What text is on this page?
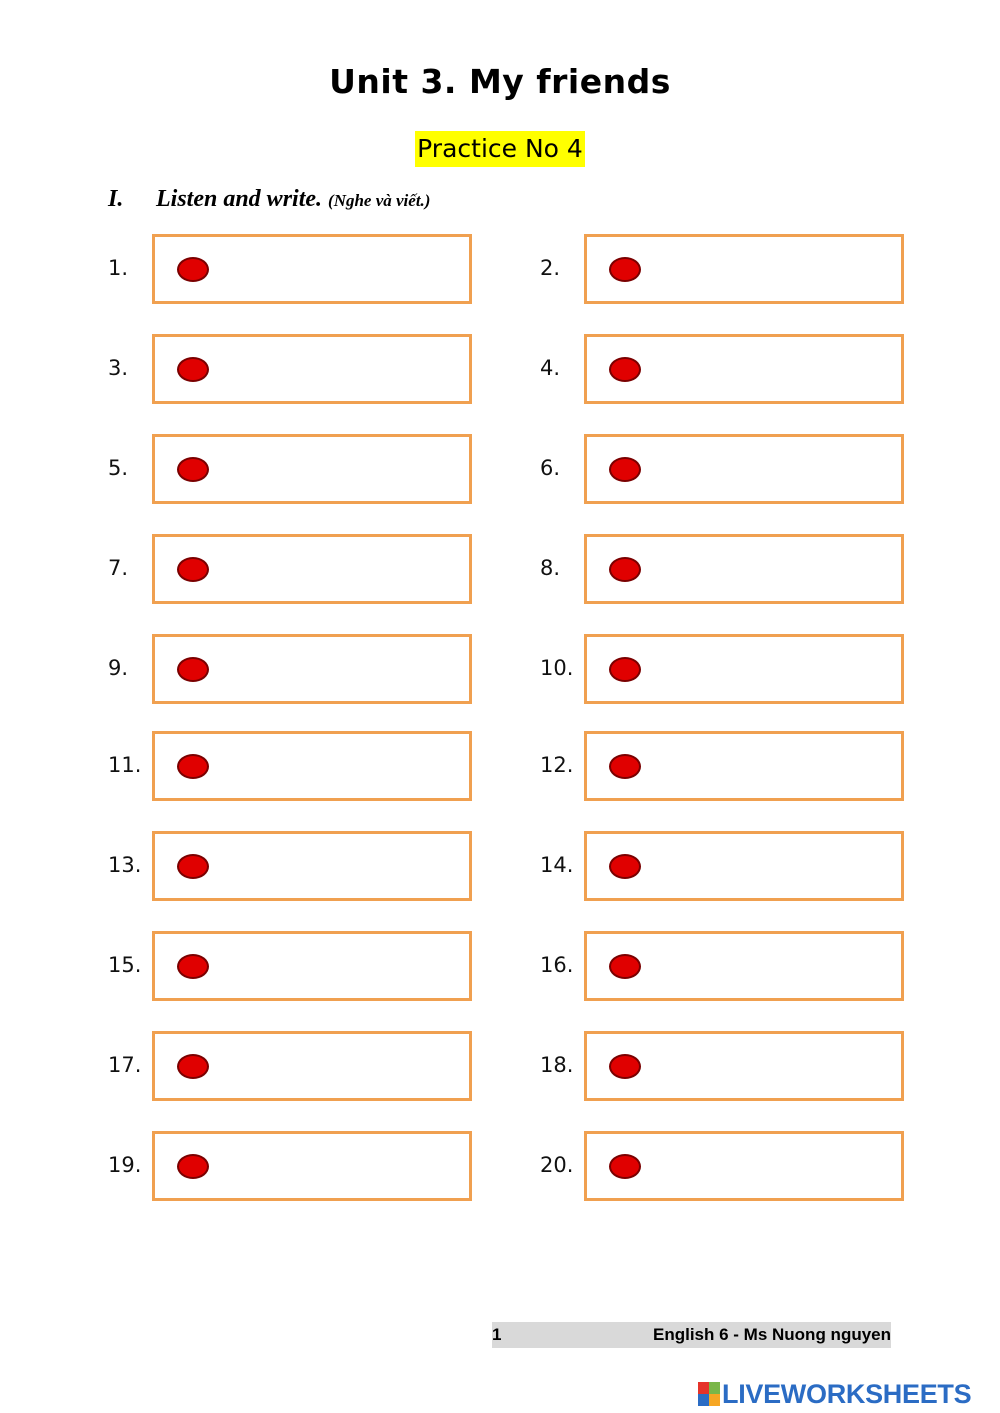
Unit 3. My friends
Practice No 4
I. Listen and write. (Nghe và viết.)
1.	2.
3.	4.
5.	6.
7.	8.
9.	10.
11.	12.
13.	14.
15.	16.
17.	18.
19.	20.
1	English 6 - Ms Nuong nguyen
LIVEWORKSHEETS
